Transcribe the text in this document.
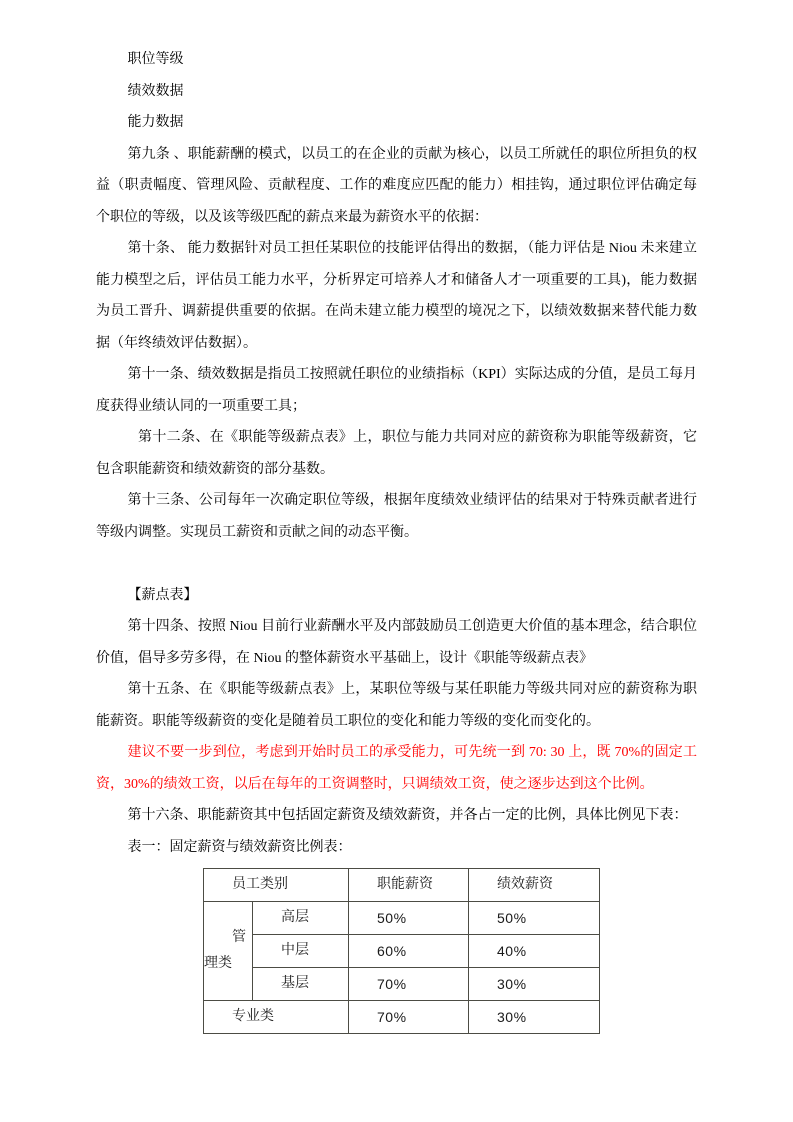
职位等级

绩效数据

能力数据

第九条 、职能薪酬的模式，以员工的在企业的贡献为核心，以员工所就任的职位所担负的权益（职责幅度、管理风险、贡献程度、工作的难度应匹配的能力）相挂钩，通过职位评估确定每个职位的等级，以及该等级匹配的薪点来最为薪资水平的依据：

第十条、 能力数据针对员工担任某职位的技能评估得出的数据，（能力评估是 Niou 未来建立能力模型之后，评估员工能力水平，分析界定可培养人才和储备人才一项重要的工具)，能力数据为员工晋升、调薪提供重要的依据。在尚未建立能力模型的境况之下，以绩效数据来替代能力数据（年终绩效评估数据）。

第十一条、绩效数据是指员工按照就任职位的业绩指标（KPI）实际达成的分值，是员工每月度获得业绩认同的一项重要工具；

第十二条、在《职能等级薪点表》上，职位与能力共同对应的薪资称为职能等级薪资，它包含职能薪资和绩效薪资的部分基数。

第十三条、公司每年一次确定职位等级，根据年度绩效业绩评估的结果对于特殊贡献者进行等级内调整。实现员工薪资和贡献之间的动态平衡。

【薪点表】

第十四条、按照 Niou 目前行业薪酬水平及内部鼓励员工创造更大价值的基本理念，结合职位价值，倡导多劳多得，在 Niou 的整体薪资水平基础上，设计《职能等级薪点表》

第十五条、在《职能等级薪点表》上，某职位等级与某任职能力等级共同对应的薪资称为职能薪资。职能等级薪资的变化是随着员工职位的变化和能力等级的变化而变化的。

建议不要一步到位，考虑到开始时员工的承受能力，可先统一到 70: 30 上，既 70%的固定工资，30%的绩效工资，以后在每年的工资调整时，只调绩效工资，使之逐步达到这个比例。

第十六条、职能薪资其中包括固定薪资及绩效薪资，并各占一定的比例，具体比例见下表：

表一：固定薪资与绩效薪资比例表：

员工类别		职能薪资	绩效薪资
管理类	高层	50%	50%
	中层	60%	40%
	基层	70%	30%
专业类		70%	30%
